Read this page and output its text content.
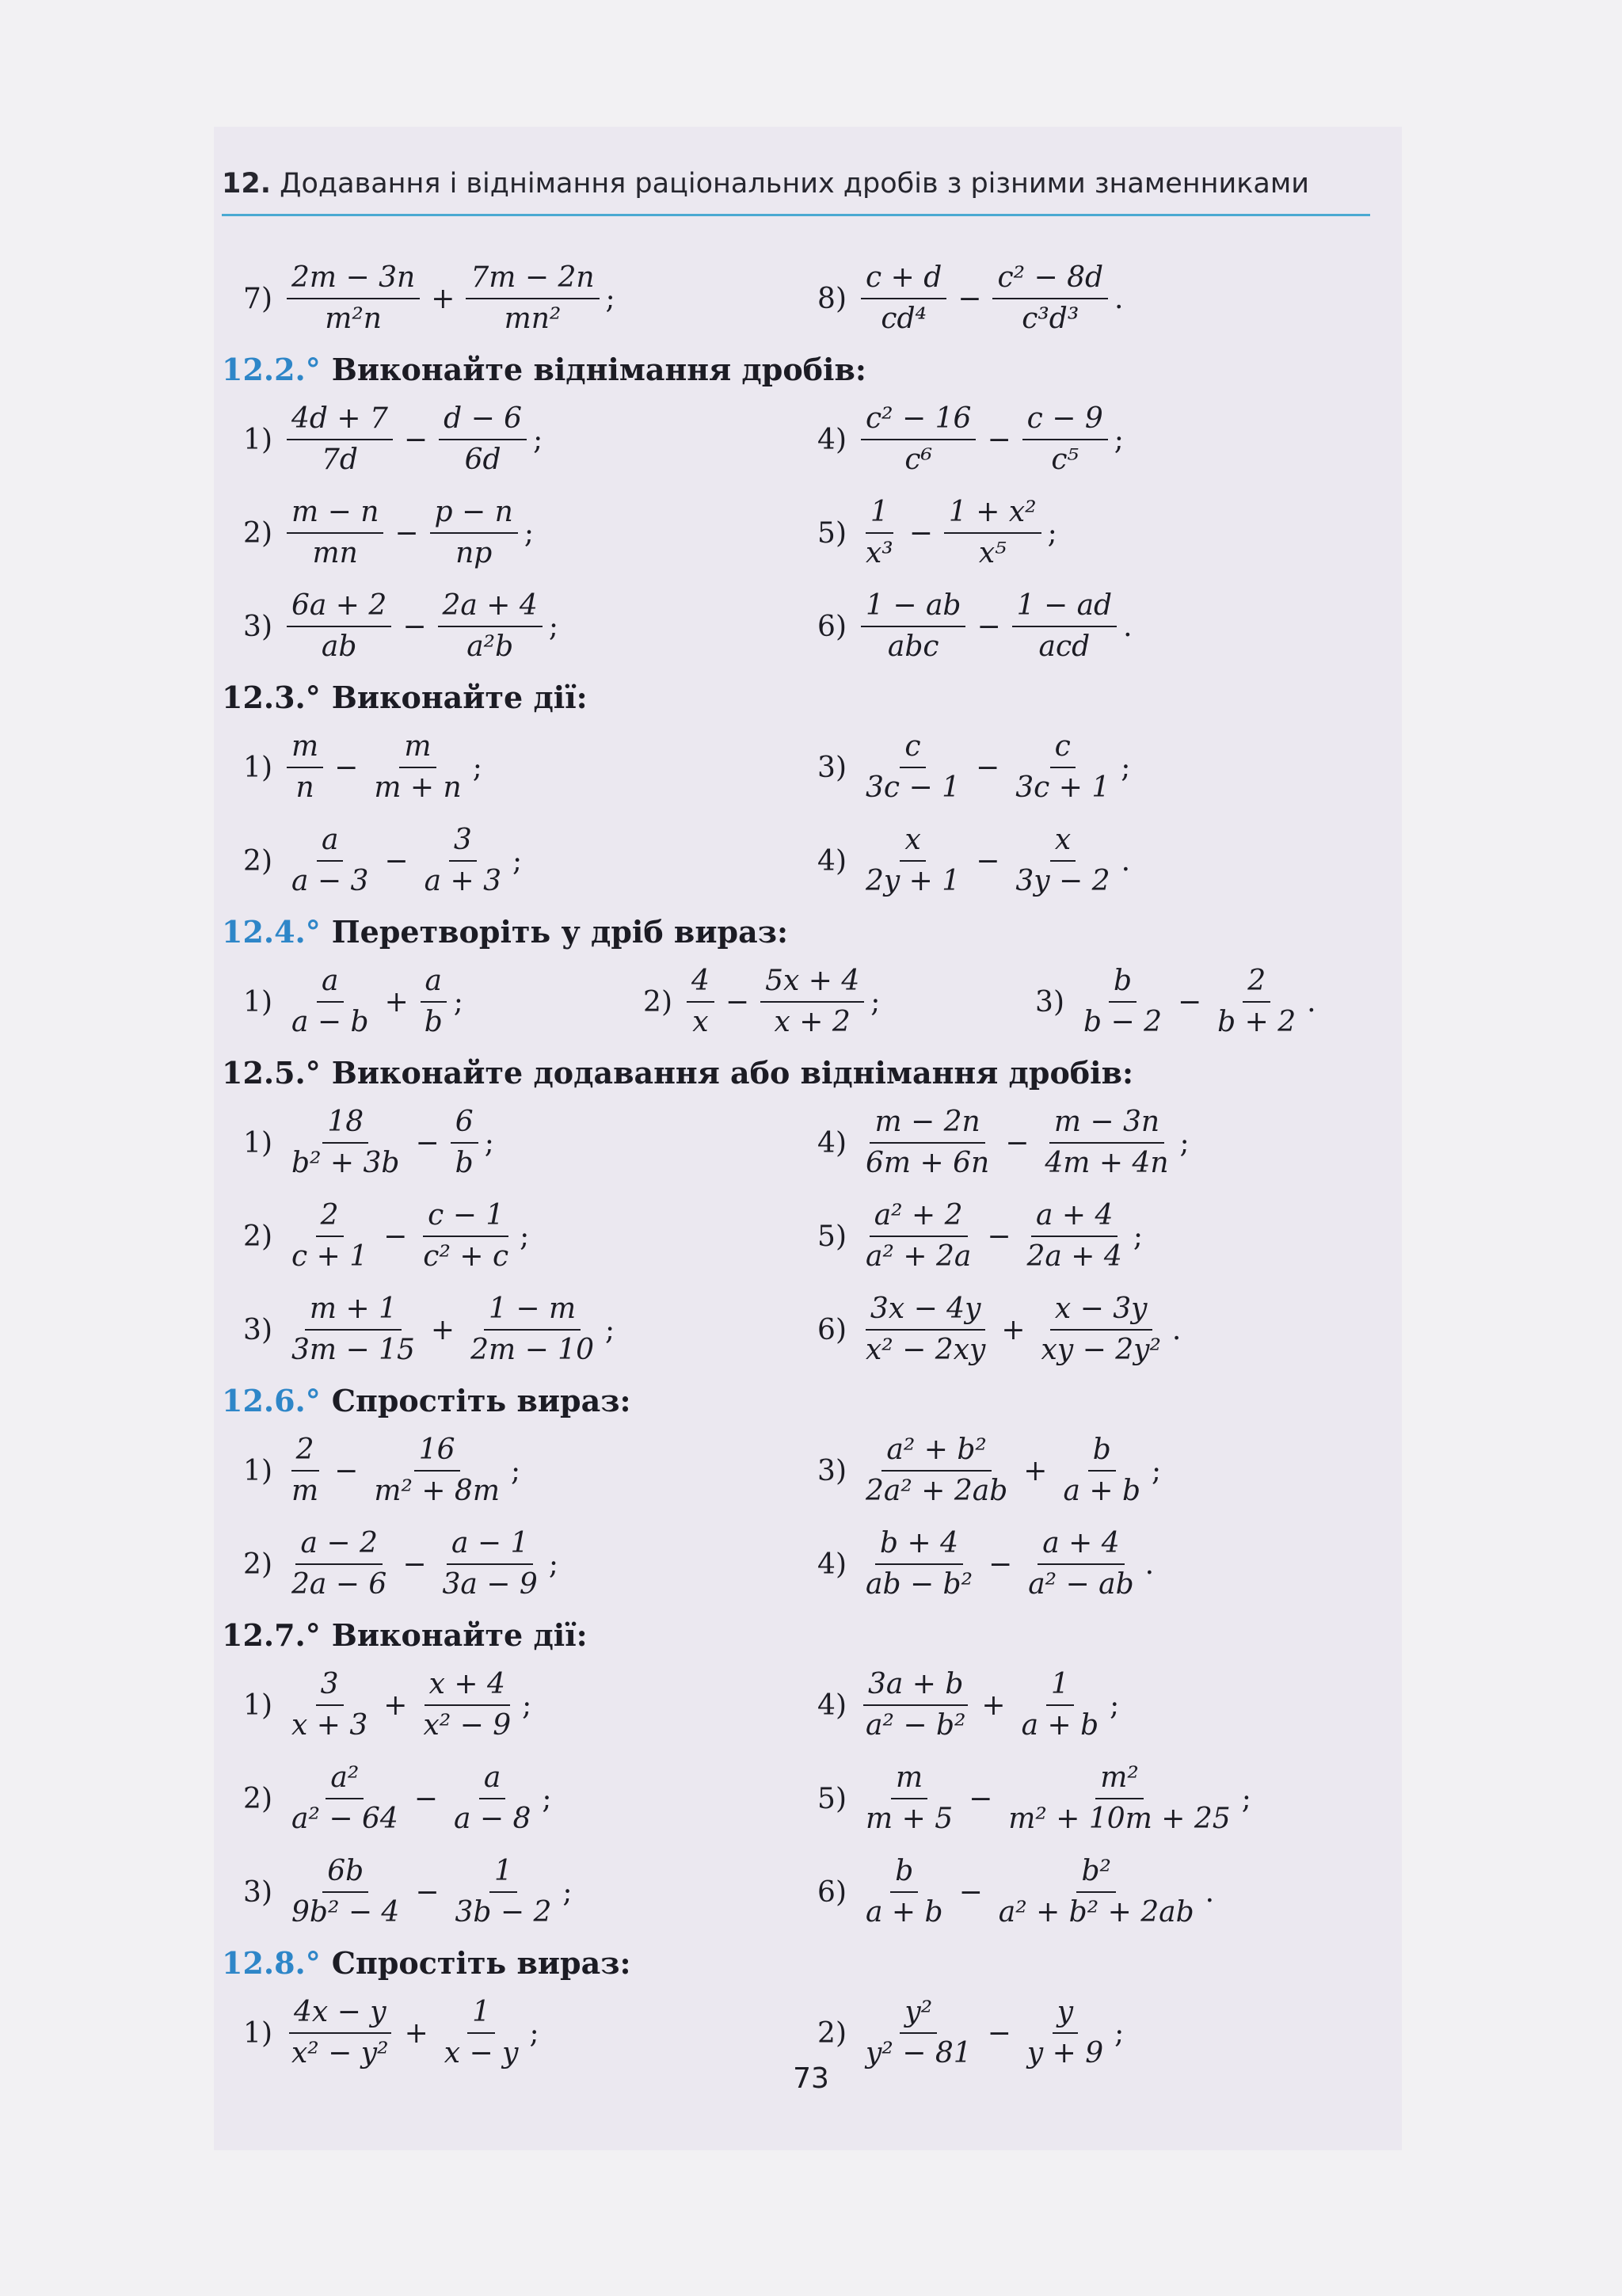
12. Додавання і віднімання раціональних дробів з різними знаменниками
$7) \frac{2m - 3n}{\text{m²n}} + \frac{7m - 2n}{\text{mn²}}$ ;	$8) \frac{c + d}{\text{cd⁴}} - \frac{\text{c² − 8d}}{\text{c³d³}}$ .
12.2.° Виконайте віднімання дробів:
$1) \frac{4d + 7}{7d} - \frac{d - 6}{6d}$ ;	$4) \frac{\text{c² − 16}}{\text{c⁶}} - \frac{c - 9}{\text{c⁵}}$ ;
$2) \frac{m - n}{mn} - \frac{p - n}{np}$ ;	$5) \frac{1}{\text{x³}} - \frac{\text{1 + x²}}{\text{x⁵}}$ ;
$3) \frac{6a + 2}{ab} - \frac{2a + 4}{\text{a²b}}$ ;	$6) \frac{1 - ab}{\text{abc}} - \frac{1 - ad}{\text{acd}}$ .
12.3.° Виконайте дії:
$1) \frac{m}{n} - \frac{m}{m + n}$ ;	$3) \frac{c}{3c - 1} - \frac{c}{3c + 1}$ ;
$2) \frac{a}{a - 3} - \frac{3}{a + 3}$ ;	$4) \frac{x}{2y + 1} - \frac{x}{3y - 2}$ .
12.4.° Перетворіть у дріб вираз:
$1) \frac{a}{a - b} + \frac{a}{b}$ ;	$2) \frac{4}{x} - \frac{5x + 4}{x + 2}$ ;	$3) \frac{b}{b - 2} - \frac{2}{b + 2}$ .
12.5.° Виконайте додавання або віднімання дробів:
$1) \frac{18}{\text{b² + 3b}} - \frac{6}{b}$ ;	$4) \frac{m - 2n}{6m + 6n} - \frac{m - 3n}{4m + 4n}$ ;
$2) \frac{2}{c + 1} - \frac{c - 1}{\text{c² + c}}$ ;	$5) \frac{\text{a² + 2}}{\text{a² + 2a}} - \frac{a + 4}{2a + 4}$ ;
$3) \frac{m + 1}{3m - 15} + \frac{1 - m}{2m - 10}$ ;	$6) \frac{3x - 4y}{\text{x² − 2xy}} + \frac{x - 3y}{\text{xy − 2y²}}$ .
12.6.° Спростіть вираз:
$1) \frac{2}{m} - \frac{16}{\text{m² + 8m}}$ ;	$3) \frac{\text{a² + b²}}{\text{2a² + 2ab}} + \frac{b}{a + b}$ ;
$2) \frac{a - 2}{2a - 6} - \frac{a - 1}{3a - 9}$ ;	$4) \frac{b + 4}{\text{ab − b²}} - \frac{a + 4}{\text{a² − ab}}$ .
12.7.° Виконайте дії:
$1) \frac{3}{x + 3} + \frac{x + 4}{\text{x² − 9}}$ ;	$4) \frac{3a + b}{\text{a² − b²}} + \frac{1}{a + b}$ ;
$2) \frac{\text{a²}}{\text{a² − 64}} - \frac{a}{a - 8}$ ;	$5) \frac{m}{m + 5} - \frac{\text{m²}}{\text{m² + 10m + 25}}$ ;
$3) \frac{6b}{\text{9b² − 4}} - \frac{1}{3b - 2}$ ;	$6) \frac{b}{a + b} - \frac{\text{b²}}{\text{a² + b² + 2ab}}$ .
12.8.° Спростіть вираз:
$1) \frac{4x - y}{\text{x² − y²}} + \frac{1}{x - y}$ ;	$2) \frac{\text{y²}}{\text{y² − 81}} - \frac{y}{y + 9}$ ;
73
